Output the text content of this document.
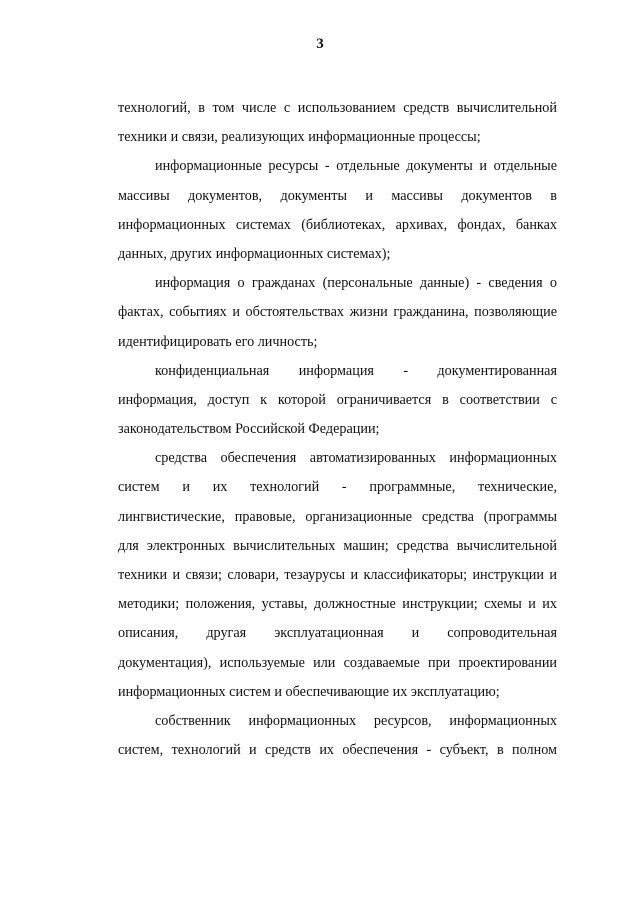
3
технологий, в том числе с использованием средств вычислительной
техники и связи, реализующих информационные процессы;
информационные ресурсы - отдельные документы и отдельные
массивы документов, документы и массивы документов в
информационных системах (библиотеках, архивах, фондах, банках
данных, других информационных системах);
информация о гражданах (персональные данные) - сведения о
фактах, событиях и обстоятельствах жизни гражданина, позволяющие
идентифицировать его личность;
конфиденциальная информация - документированная
информация, доступ к которой ограничивается в соответствии с
законодательством Российской Федерации;
средства обеспечения автоматизированных информационных
систем и их технологий - программные, технические,
лингвистические, правовые, организационные средства (программы
для электронных вычислительных машин; средства вычислительной
техники и связи; словари, тезаурусы и классификаторы; инструкции и
методики; положения, уставы, должностные инструкции; схемы и их
описания, другая эксплуатационная и сопроводительная
документация), используемые или создаваемые при проектировании
информационных систем и обеспечивающие их эксплуатацию;
собственник информационных ресурсов, информационных
систем, технологий и средств их обеспечения - субъект, в полном
